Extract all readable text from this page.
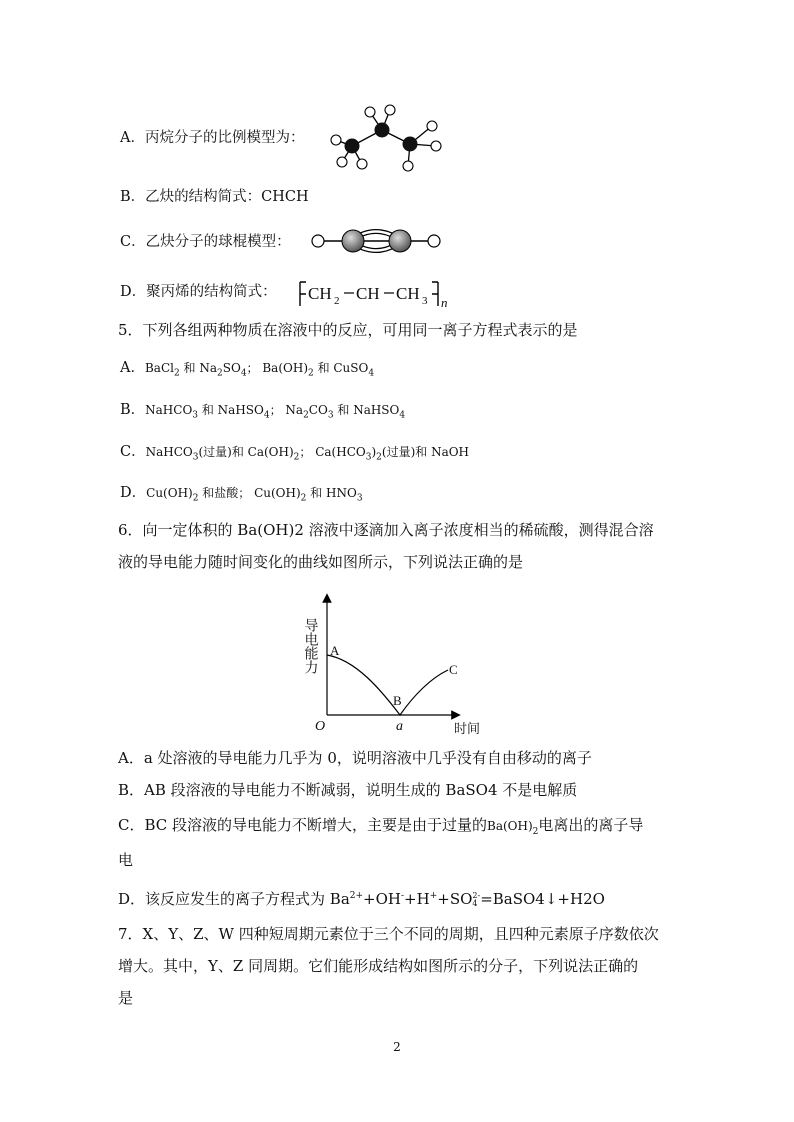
A．丙烷分子的比例模型为：
B．乙炔的结构简式：CHCH
C．乙炔分子的球棍模型：
D．聚丙烯的结构简式： CH 2 CH CH 3 n
5．下列各组两种物质在溶液中的反应，可用同一离子方程式表示的是
A．BaCl$_2$ 和 $Na_2SO_4$； $Ba(OH)_2$ 和 CuSO$_4$
B．NaHCO$_3$ 和 NaHSO$_4$； $Na_2CO_3$ 和 NaHSO$_4$
C．NaHCO$_3$(过量)和 $Ca(OH)_2$； $Ca(HCO_3)_2$(过量)和 NaOH
D．$Cu(OH)_2$ 和盐酸； $Cu(OH)_2$ 和 $HNO_3$
6．向一定体积的 Ba(OH)2 溶液中逐滴加入离子浓度相当的稀硫酸，测得混合溶
液的导电能力随时间变化的曲线如图所示，下列说法正确的是
导电能力 A
B
C
O	a	时间
A．a 处溶液的导电能力几乎为 0，说明溶液中几乎没有自由移动的离子
B．AB 段溶液的导电能力不断减弱，说明生成的 BaSO4 不是电解质
C．BC 段溶液的导电能力不断增大，主要是由于过量的$Ba(OH)_2$电离出的离子导
电
D．该反应发生的离子方程式为 $Ba^{2+}+OH^-+H^++SO$ 2-
4 =BaSO4↓+H2O
7．X、Y、Z、W 四种短周期元素位于三个不同的周期，且四种元素原子序数依次
增大。其中，Y、Z 同周期。它们能形成结构如图所示的分子，下列说法正确的
是
2
